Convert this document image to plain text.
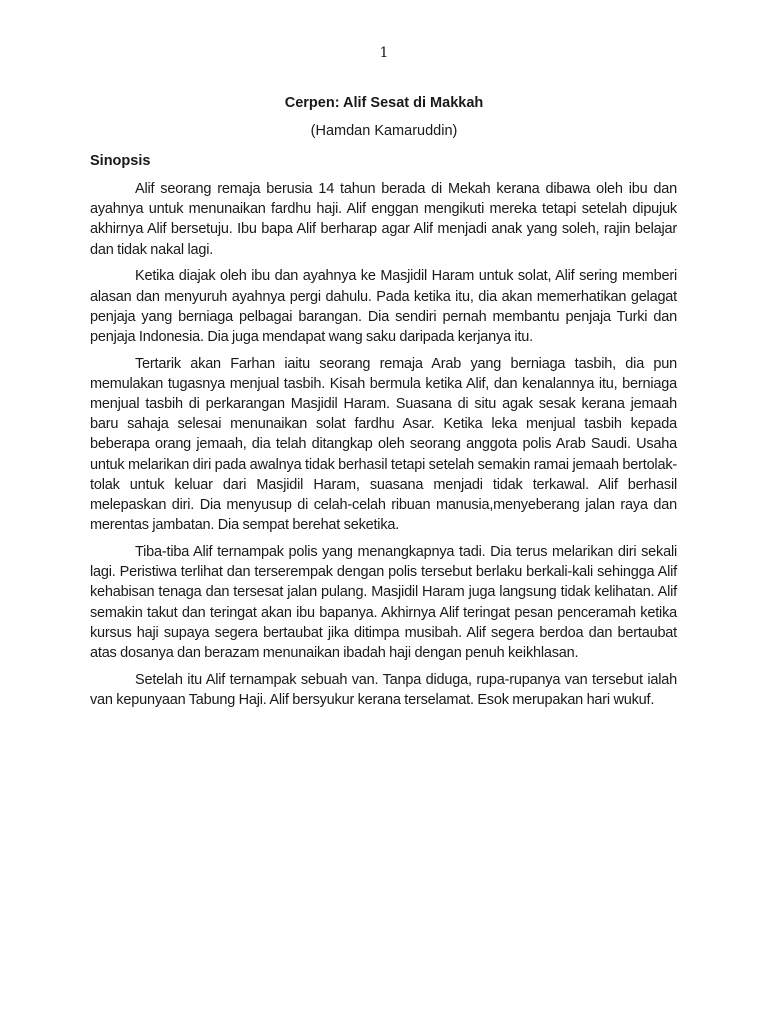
1
Cerpen: Alif Sesat di Makkah
(Hamdan Kamaruddin)
Sinopsis

Alif seorang remaja berusia 14 tahun berada di Mekah kerana dibawa oleh ibu dan ayahnya untuk menunaikan fardhu haji. Alif enggan mengikuti mereka tetapi setelah dipujuk akhirnya Alif bersetuju. Ibu bapa Alif berharap agar Alif menjadi anak yang soleh, rajin belajar dan tidak nakal lagi.

Ketika diajak oleh ibu dan ayahnya ke Masjidil Haram untuk solat, Alif sering memberi alasan dan menyuruh ayahnya pergi dahulu. Pada ketika itu, dia akan memerhatikan gelagat penjaja yang berniaga pelbagai barangan. Dia sendiri pernah membantu penjaja Turki dan penjaja Indonesia. Dia juga mendapat wang saku daripada kerjanya itu.

Tertarik akan Farhan iaitu seorang remaja Arab yang berniaga tasbih, dia pun memulakan tugasnya menjual tasbih. Kisah bermula ketika Alif, dan kenalannya itu, berniaga menjual tasbih di perkarangan Masjidil Haram. Suasana di situ agak sesak kerana jemaah baru sahaja selesai menunaikan solat fardhu Asar. Ketika leka menjual tasbih kepada beberapa orang jemaah, dia telah ditangkap oleh seorang anggota polis Arab Saudi. Usaha untuk melarikan diri pada awalnya tidak berhasil tetapi setelah semakin ramai jemaah bertolak-tolak untuk keluar dari Masjidil Haram, suasana menjadi tidak terkawal. Alif berhasil melepaskan diri. Dia menyusup di celah-celah ribuan manusia,menyeberang jalan raya dan merentas jambatan. Dia sempat berehat seketika.

Tiba-tiba Alif ternampak polis yang menangkapnya tadi. Dia terus melarikan diri sekali lagi. Peristiwa terlihat dan terserempak dengan polis tersebut berlaku berkali-kali sehingga Alif kehabisan tenaga dan tersesat jalan pulang. Masjidil Haram juga langsung tidak kelihatan. Alif semakin takut dan teringat akan ibu bapanya. Akhirnya Alif teringat pesan penceramah ketika kursus haji supaya segera bertaubat jika ditimpa musibah. Alif segera berdoa dan bertaubat atas dosanya dan berazam menunaikan ibadah haji dengan penuh keikhlasan.

Setelah itu Alif ternampak sebuah van. Tanpa diduga, rupa-rupanya van tersebut ialah van kepunyaan Tabung Haji. Alif bersyukur kerana terselamat. Esok merupakan hari wukuf.
